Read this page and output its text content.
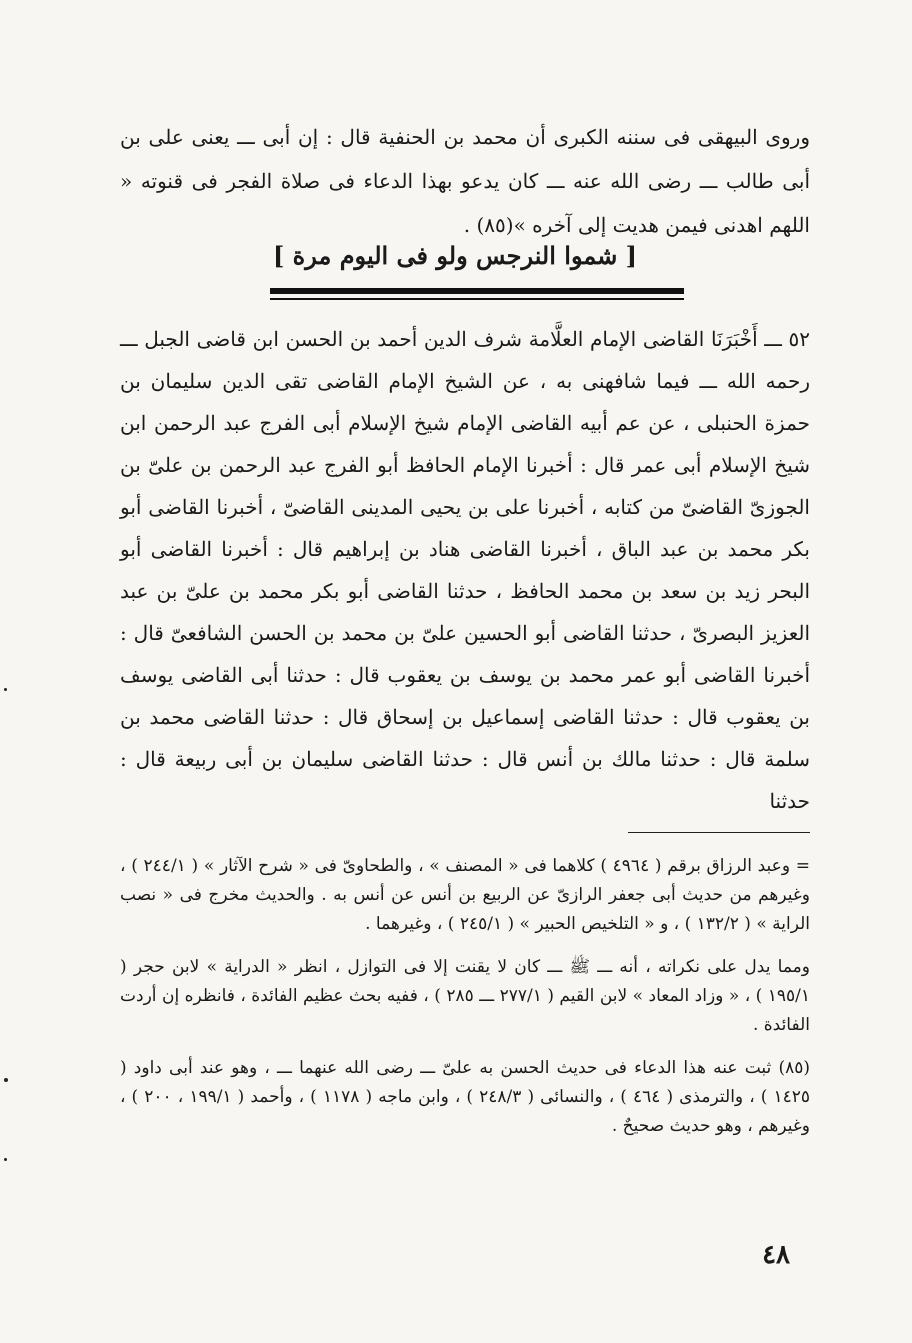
وروى البيهقى فى سننه الكبرى أن محمد بن الحنفية قال : إن أبى ـــ يعنى على بن أبى طالب ـــ رضى الله عنه ـــ كان يدعو بهذا الدعاء فى صلاة الفجر فى قنوته « اللهم اهدنى فيمن هديت إلى آخره »(٨٥) .

[ شموا النرجس ولو فى اليوم مرة ]

٥٢ ـــ أَخْبَرَنَا القاضى الإمام العلَّامة شرف الدين أحمد بن الحسن ابن قاضى الجبل ـــ رحمه الله ـــ فيما شافهنى به ، عن الشيخ الإمام القاضى تقى الدين سليمان بن حمزة الحنبلى ، عن عم أبيه القاضى الإمام شيخ الإسلام أبى الفرج عبد الرحمن ابن شيخ الإسلام أبى عمر قال : أخبرنا الإمام الحافظ أبو الفرج عبد الرحمن بن علىّ بن الجوزىّ القاضىّ من كتابه ، أخبرنا على بن يحيى المدينى القاضىّ ، أخبرنا القاضى أبو بكر محمد بن عبد الباق ، أخبرنا القاضى هناد بن إبراهيم قال : أخبرنا القاضى أبو البحر زيد بن سعد بن محمد الحافظ ، حدثنا القاضى أبو بكر محمد بن علىّ بن عبد العزيز البصرىّ ، حدثنا القاضى أبو الحسين علىّ بن محمد بن الحسن الشافعىّ قال : أخبرنا القاضى أبو عمر محمد بن يوسف بن يعقوب قال : حدثنا أبى القاضى يوسف بن يعقوب قال : حدثنا القاضى إسماعيل بن إسحاق قال : حدثنا القاضى محمد بن سلمة قال : حدثنا مالك بن أنس قال : حدثنا القاضى سليمان بن أبى ربيعة قال : حدثنا

= وعبد الرزاق برقم ( ٤٩٦٤ ) كلاهما فى « المصنف » ، والطحاوىّ فى « شرح الآثار » ( ٢٤٤/١ ) ، وغيرهم من حديث أبى جعفر الرازىّ عن الربيع بن أنس عن أنس به . والحديث مخرج فى « نصب الراية » ( ١٣٢/٢ ) ، و « التلخيص الحبير » ( ٢٤٥/١ ) ، وغيرهما .

ومما يدل على نكراته ، أنه ـــ ﷺ ـــ كان لا يقنت إلا فى التوازل ، انظر « الدراية » لابن حجر ( ١٩٥/١ ) ، « وزاد المعاد » لابن القيم ( ٢٧٧/١ ـــ ٢٨٥ ) ، ففيه بحث عظيم الفائدة ، فانظره إن أردت الفائدة .

(٨٥) ثبت عنه هذا الدعاء فى حديث الحسن به علىّ ـــ رضى الله عنهما ـــ ، وهو عند أبى داود ( ١٤٢٥ ) ، والترمذى ( ٤٦٤ ) ، والنسائى ( ٢٤٨/٣ ) ، وابن ماجه ( ١١٧٨ ) ، وأحمد ( ١٩٩/١ ، ٢٠٠ ) ، وغيرهم ، وهو حديث صحيحٌ .

٤٨
